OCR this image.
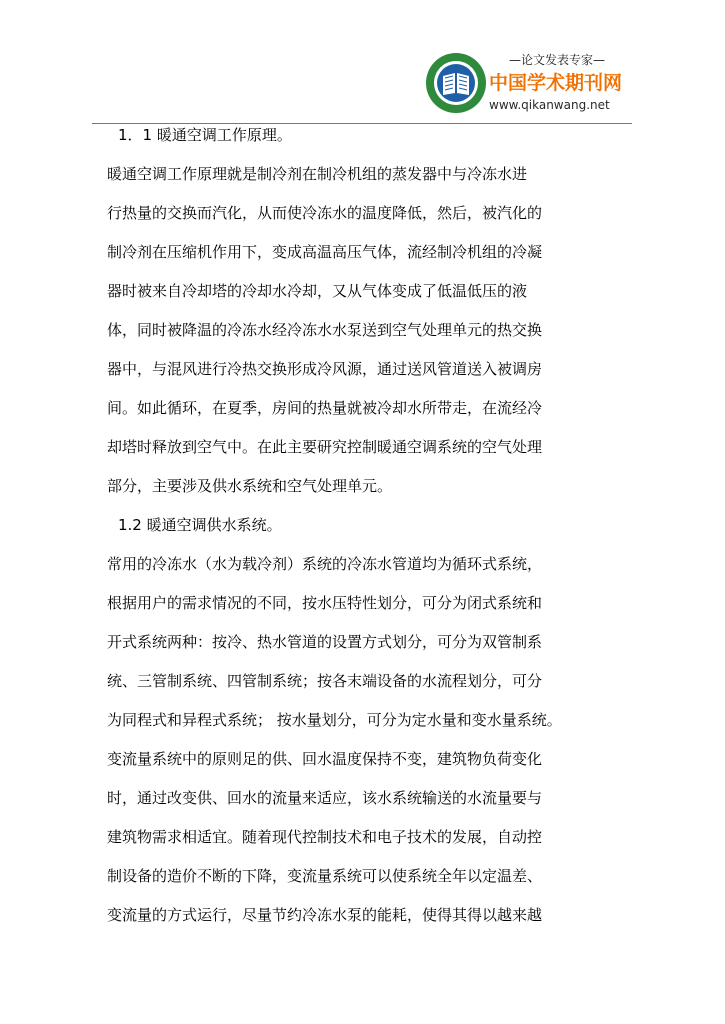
—论文发表专家—
中国学术期刊网
www.qikanwang.net
1．1 暖通空调工作原理。
暖通空调工作原理就是制冷剂在制冷机组的蒸发器中与冷冻水进
行热量的交换而汽化，从而使冷冻水的温度降低，然后，被汽化的
制冷剂在压缩机作用下，变成高温高压气体，流经制冷机组的冷凝
器时被来自冷却塔的冷却水冷却，又从气体变成了低温低压的液
体，同时被降温的冷冻水经冷冻水水泵送到空气处理单元的热交换
器中，与混风进行冷热交换形成冷风源，通过送风管道送入被调房
间。如此循环，在夏季，房间的热量就被冷却水所带走，在流经冷
却塔时释放到空气中。在此主要研究控制暖通空调系统的空气处理
部分，主要涉及供水系统和空气处理单元。
1.2 暖通空调供水系统。
常用的冷冻水（水为载冷剂）系统的冷冻水管道均为循环式系统，
根据用户的需求情况的不同，按水压特性划分，可分为闭式系统和
开式系统两种：按冷、热水管道的设置方式划分，可分为双管制系
统、三管制系统、四管制系统；按各末端设备的水流程划分，可分
为同程式和异程式系统； 按水量划分，可分为定水量和变水量系统。
变流量系统中的原则足的供、回水温度保持不变，建筑物负荷变化
时，通过改变供、回水的流量来适应，该水系统输送的水流量要与
建筑物需求相适宜。随着现代控制技术和电子技术的发展，自动控
制设备的造价不断的下降，变流量系统可以使系统全年以定温差、
变流量的方式运行，尽量节约冷冻水泵的能耗，使得其得以越来越
